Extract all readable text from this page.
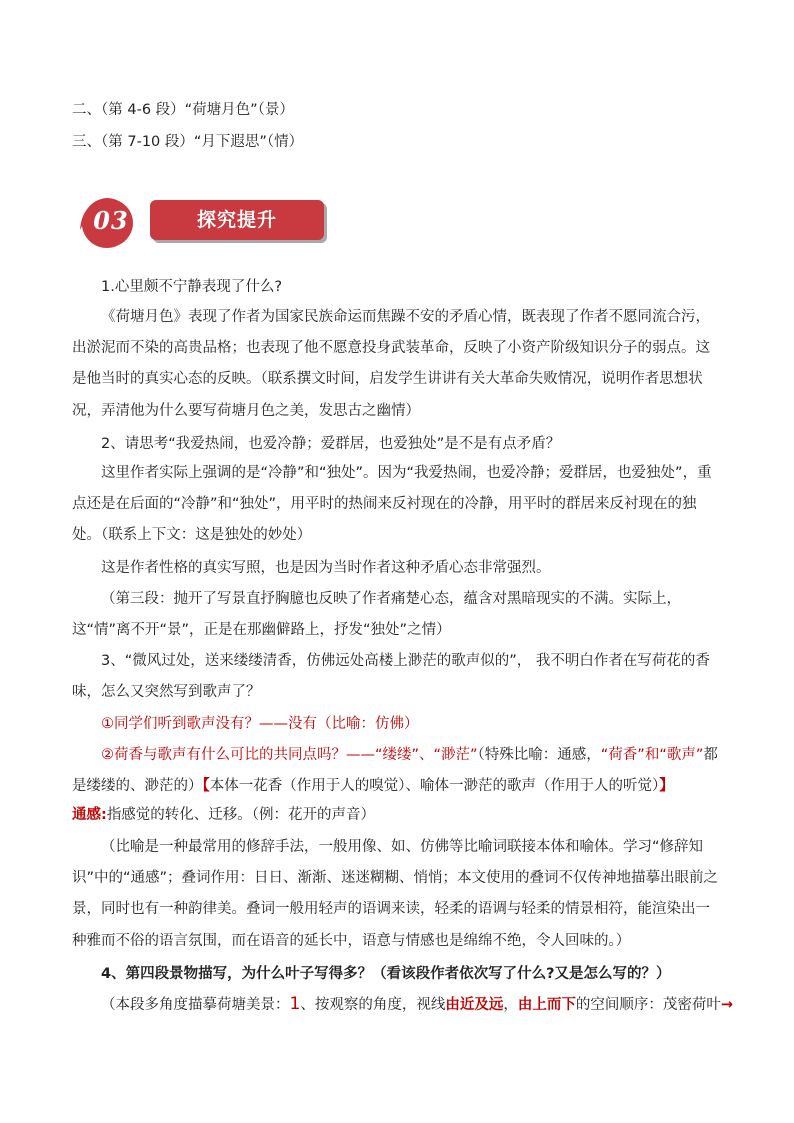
二、（第 4-6 段）“荷塘月色”（景）
三、（第 7-10 段）“月下遐思”（情）
03	探究提升
1.心里颇不宁静表现了什么?
《荷塘月色》表现了作者为国家民族命运而焦躁不安的矛盾心情，既表现了作者不愿同流合污，出淤泥而不染的高贵品格；也表现了他不愿意投身武装革命，反映了小资产阶级知识分子的弱点。这是他当时的真实心态的反映。（联系撰文时间，启发学生讲讲有关大革命失败情况，说明作者思想状况，弄清他为什么要写荷塘月色之美，发思古之幽情）
2、请思考“我爱热闹，也爱冷静；爱群居，也爱独处”是不是有点矛盾？
这里作者实际上强调的是“冷静”和“独处”。因为“我爱热闹，也爱冷静；爱群居，也爱独处”，重点还是在后面的“冷静”和“独处”，用平时的热闹来反衬现在的冷静，用平时的群居来反衬现在的独处。（联系上下文：这是独处的妙处）
这是作者性格的真实写照，也是因为当时作者这种矛盾心态非常强烈。
（第三段：抛开了写景直抒胸臆也反映了作者痛楚心态，蕴含对黑暗现实的不满。实际上，这“情”离不开“景”，正是在那幽僻路上，抒发“独处”之情）
3、“微风过处，送来缕缕清香，仿佛远处高楼上渺茫的歌声似的”， 我不明白作者在写荷花的香味，怎么又突然写到歌声了？
①同学们听到歌声没有？——没有（比喻：仿佛）
②荷香与歌声有什么可比的共同点吗？——“缕缕”、“渺茫”（特殊比喻：通感，“荷香”和“歌声”都是缕缕的、渺茫的）【本体一花香（作用于人的嗅觉）、喻体一渺茫的歌声（作用于人的听觉）】
通感:指感觉的转化、迁移。（例：花开的声音）
（比喻是一种最常用的修辞手法，一般用像、如、仿佛等比喻词联接本体和喻体。学习“修辞知识”中的“通感”；叠词作用：日日、渐渐、迷迷糊糊、悄悄；本文使用的叠词不仅传神地描摹出眼前之景，同时也有一种韵律美。叠词一般用轻声的语调来读，轻柔的语调与轻柔的情景相符，能渲染出一种雅而不俗的语言氛围，而在语音的延长中，语意与情感也是绵绵不绝，令人回味的。）
4、第四段景物描写，为什么叶子写得多？（看该段作者依次写了什么?又是怎么写的？）
（本段多角度描摹荷塘美景：1、按观察的角度，视线由近及远，由上而下的空间顺序：茂密荷叶→
